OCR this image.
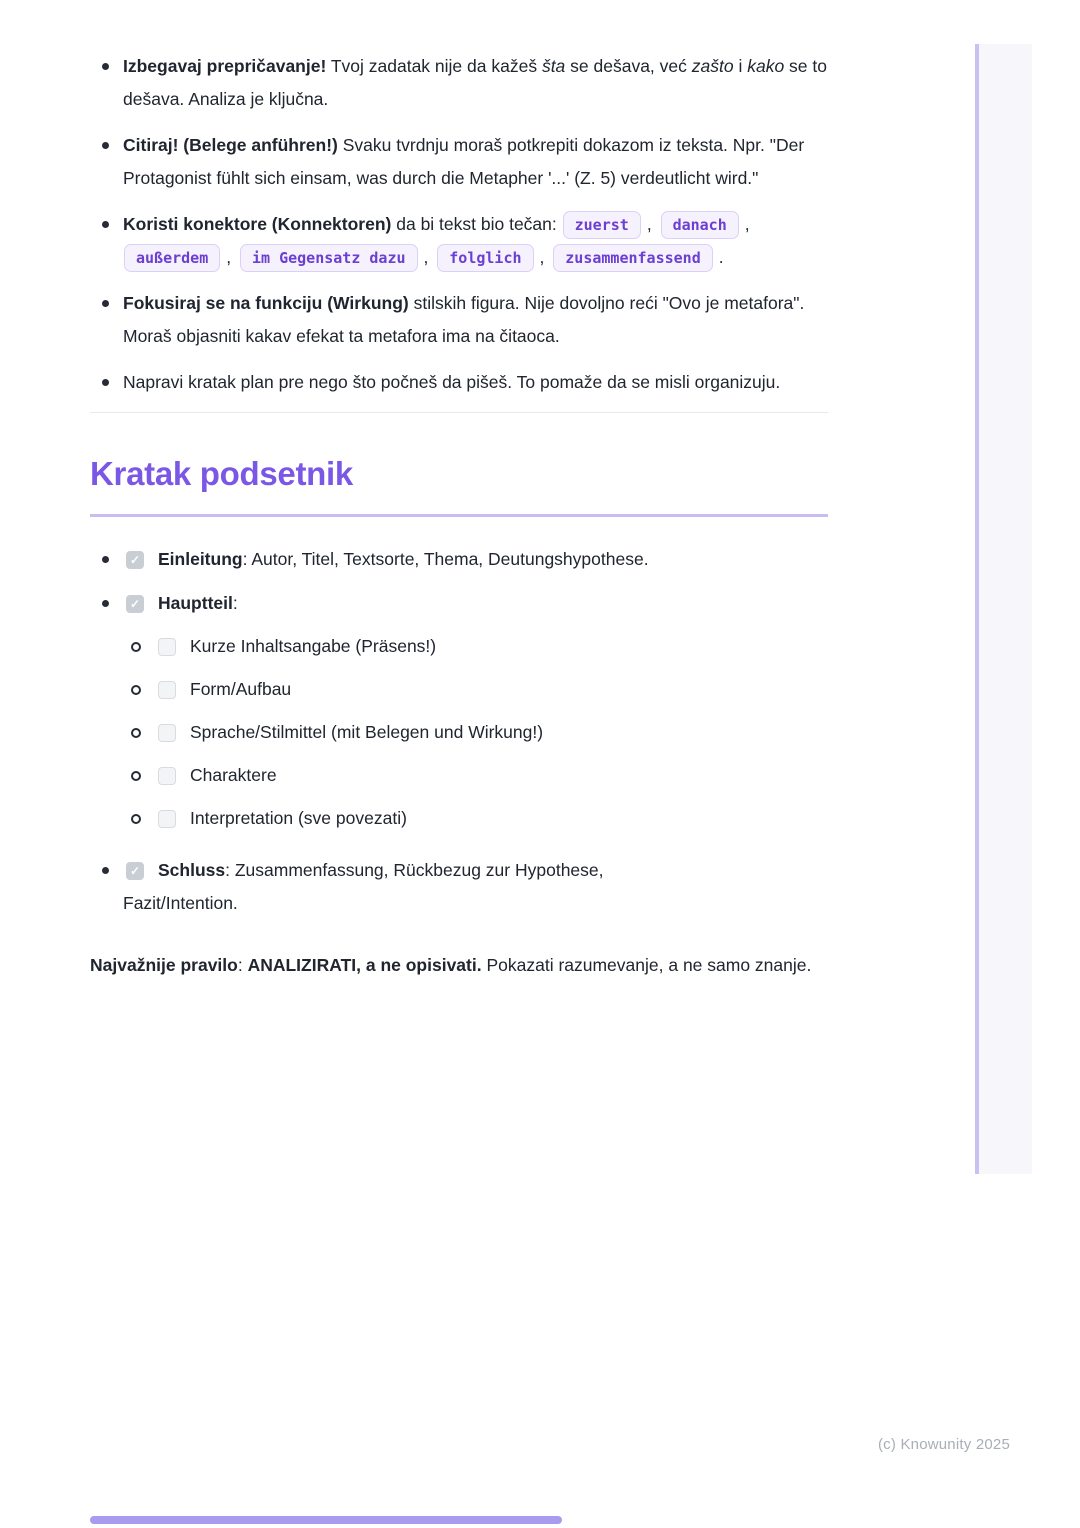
Izbegavaj prepričavanje! Tvoj zadatak nije da kažeš šta se dešava, već zašto i kako se to dešava. Analiza je ključna.
Citiraj! (Belege anführen!) Svaku tvrdnju moraš potkrepiti dokazom iz teksta. Npr. "Der Protagonist fühlt sich einsam, was durch die Metapher '...' (Z. 5) verdeutlicht wird."
Koristi konektore (Konnektoren) da bi tekst bio tečan: zuerst , danach , außerdem , im Gegensatz dazu , folglich , zusammenfassend .
Fokusiraj se na funkciju (Wirkung) stilskih figura. Nije dovoljno reći "Ovo je metafora". Moraš objasniti kakav efekat ta metafora ima na čitaoca.
Napravi kratak plan pre nego što počneš da pišeš. To pomaže da se misli organizuju.
Kratak podsetnik
✓ Einleitung: Autor, Titel, Textsorte, Thema, Deutungshypothese.
✓ Hauptteil:
Kurze Inhaltsangabe (Präsens!)
Form/Aufbau
Sprache/Stilmittel (mit Belegen und Wirkung!)
Charaktere
Interpretation (sve povezati)
✓ Schluss: Zusammenfassung, Rückbezug zur Hypothese,
Fazit/Intention.

Najvažnije pravilo: ANALIZIRATI, a ne opisivati. Pokazati razumevanje, a ne samo znanje.

(c) Knowunity 2025
